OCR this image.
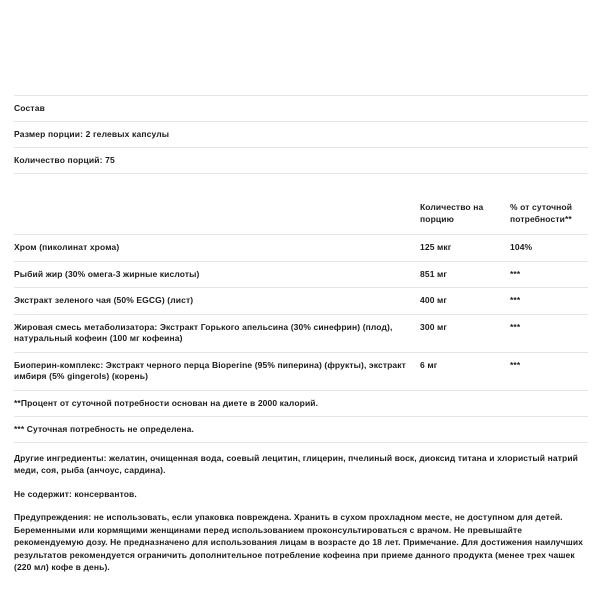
Состав
Размер порции: 2 гелевых капсулы
Количество порций: 75
	Количество на порцию	% от суточной потребности**
Хром (пиколинат хрома)	125 мкг	104%
Рыбий жир (30% омега-3 жирные кислоты)	851 мг	***
Экстракт зеленого чая (50% EGCG) (лист)	400 мг	***
Жировая смесь метаболизатора: Экстракт Горького апельсина (30% синефрин) (плод), натуральный кофеин (100 мг кофеина)	300 мг	***
Биоперин-комплекс: Экстракт черного перца Bioperine (95% пиперина) (фрукты), экстракт имбиря (5% gingerols) (корень)	6 мг	***
**Процент от суточной потребности основан на диете в 2000 калорий.
*** Суточная потребность не определена.
Другие ингредиенты: желатин, очищенная вода, соевый лецитин, глицерин, пчелиный воск, диоксид титана и хлористый натрий меди, соя, рыба (анчоус, сардина).
Не содержит: консервантов.
Предупреждения: не использовать, если упаковка повреждена. Хранить в сухом прохладном месте, не доступном для детей. Беременными или кормящими женщинами перед использованием проконсультироваться с врачом. Не превышайте рекомендуемую дозу. Не предназначено для использования лицам в возрасте до 18 лет. Примечание. Для достижения наилучших результатов рекомендуется ограничить дополнительное потребление кофеина при приеме данного продукта (менее трех чашек (220 мл) кофе в день).
